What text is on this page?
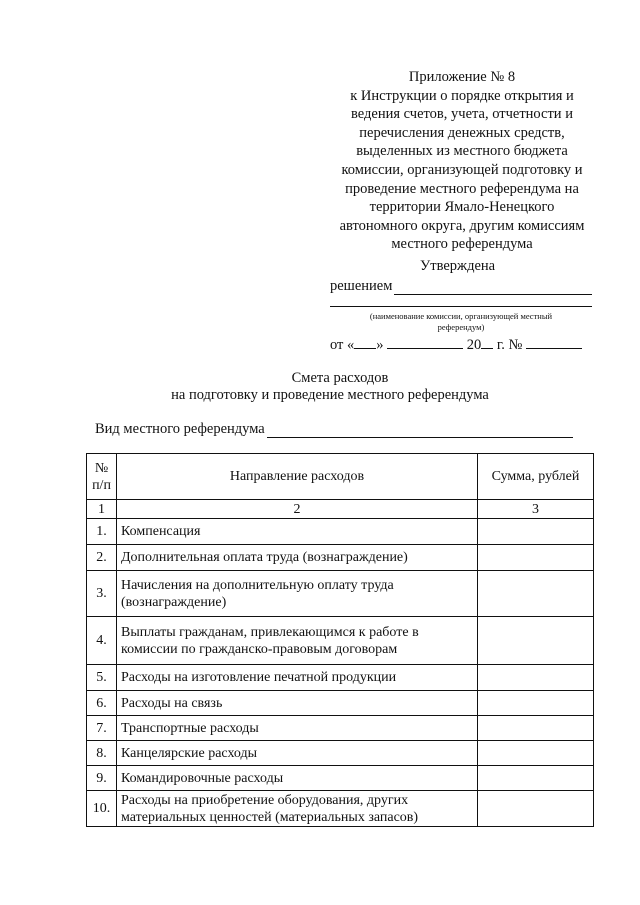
Приложение № 8
к Инструкции о порядке открытия и
ведения счетов, учета, отчетности и
перечисления денежных средств,
выделенных из местного бюджета
комиссии, организующей подготовку и
проведение местного референдума на
территории Ямало-Ненецкого
автономного округа, другим комиссиям
местного референдума
Утверждена
решением
(наименование комиссии, организующей местный
референдум)
от « »	20 г. №
Смета расходов
на подготовку и проведение местного референдума
Вид местного референдума
№
п/п	Направление расходов	Сумма, рублей
1	2	3
1.	Компенсация	
2.	Дополнительная оплата труда (вознаграждение)	
3.	Начисления на дополнительную оплату труда (вознаграждение)	
4.	Выплаты гражданам, привлекающимся к работе в комиссии по гражданско-правовым договорам	
5.	Расходы на изготовление печатной продукции	
6.	Расходы на связь	
7.	Транспортные расходы	
8.	Канцелярские расходы	
9.	Командировочные расходы	
10.	Расходы на приобретение оборудования, других материальных ценностей (материальных запасов)	
